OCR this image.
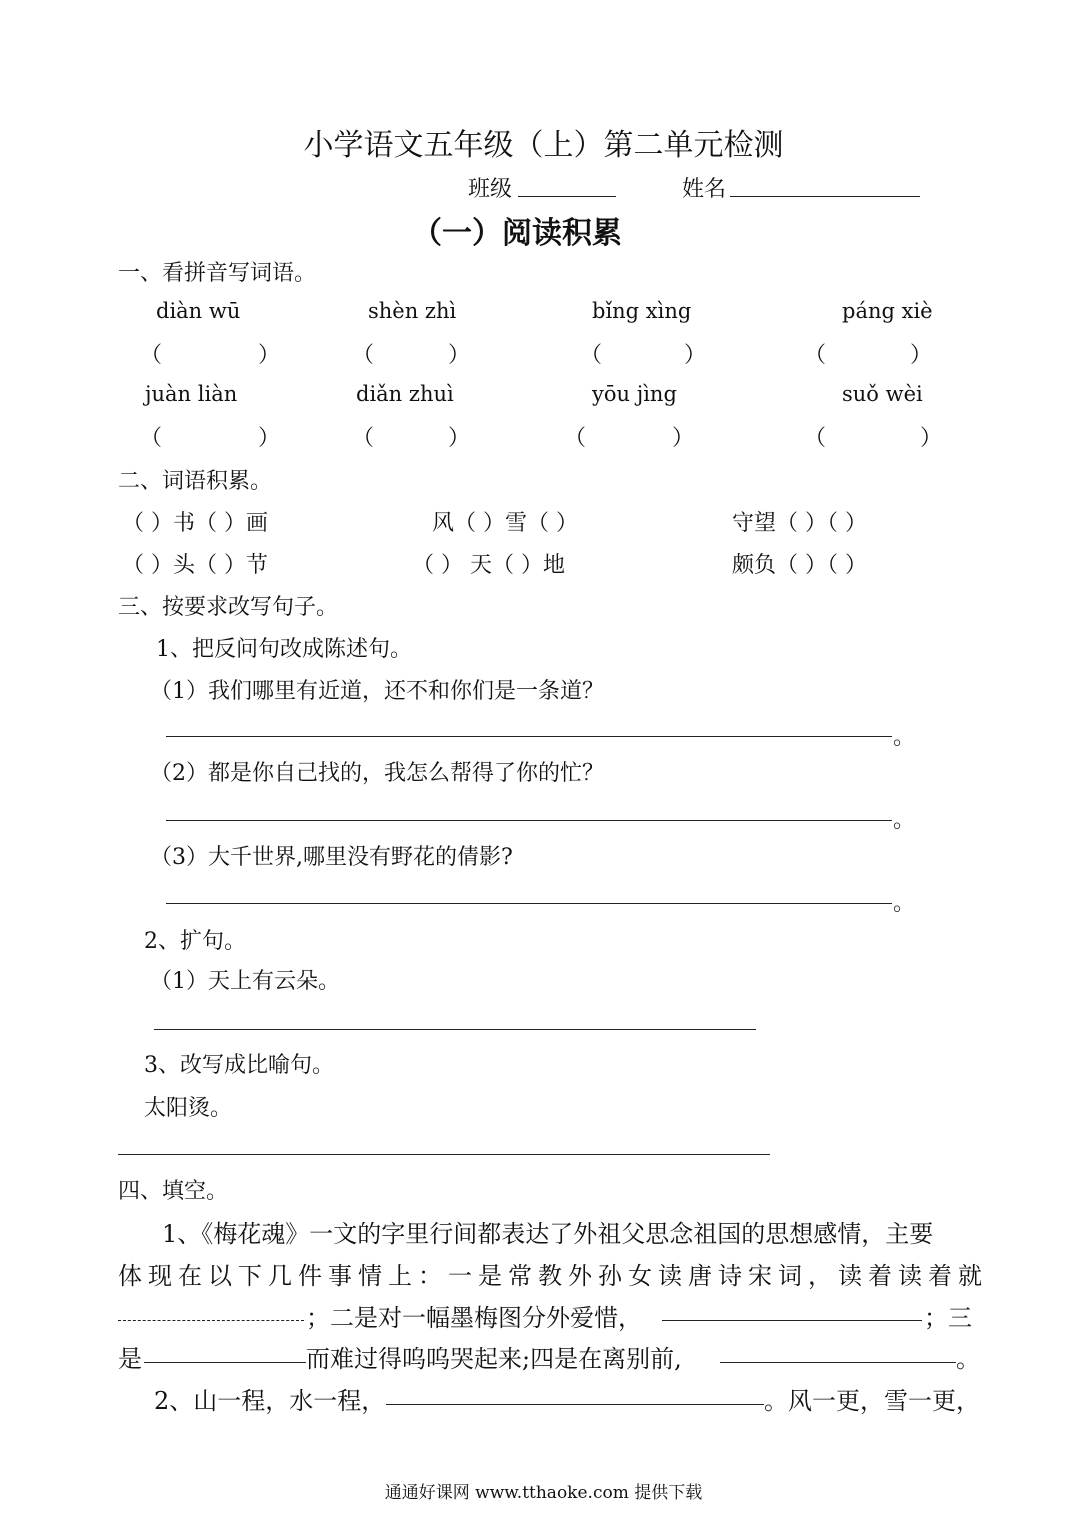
小学语文五年级（上）第二单元检测
班级	姓名
（一）阅读积累
一、看拼音写词语。
diàn wū	shèn zhì	bǐng xìng	páng xiè
（	）	（	）	（	）	（	）
juàn liàn	diǎn zhuì	yōu jìng	suǒ wèi
（	）	（	）	（	）	（	）
二、词语积累。
（ ）书（ ）画	风（ ）雪（ ）	守望（ ）（ ）
（ ）头（ ）节	（ ） 天（ ）地	颇负（ ）（ ）
三、按要求改写句子。
1、把反问句改成陈述句。
（1）我们哪里有近道，还不和你们是一条道？
。
（2）都是你自己找的，我怎么帮得了你的忙？
。
（3）大千世界,哪里没有野花的倩影?
。
2、扩句。
（1）天上有云朵。
3、改写成比喻句。
太阳烫。
四、填空。
1、《梅花魂》一文的字里行间都表达了外祖父思念祖国的思想感情，主要
体现在以下几件事情上：一是常教外孙女读唐诗宋词，读着读着就
；二是对一幅墨梅图分外爱惜，	；三
是	而难过得呜呜哭起来;四是在离别前,	。
2、山一程，水一程，	。风一更，雪一更，
通通好课网 www.tthaoke.com 提供下载
